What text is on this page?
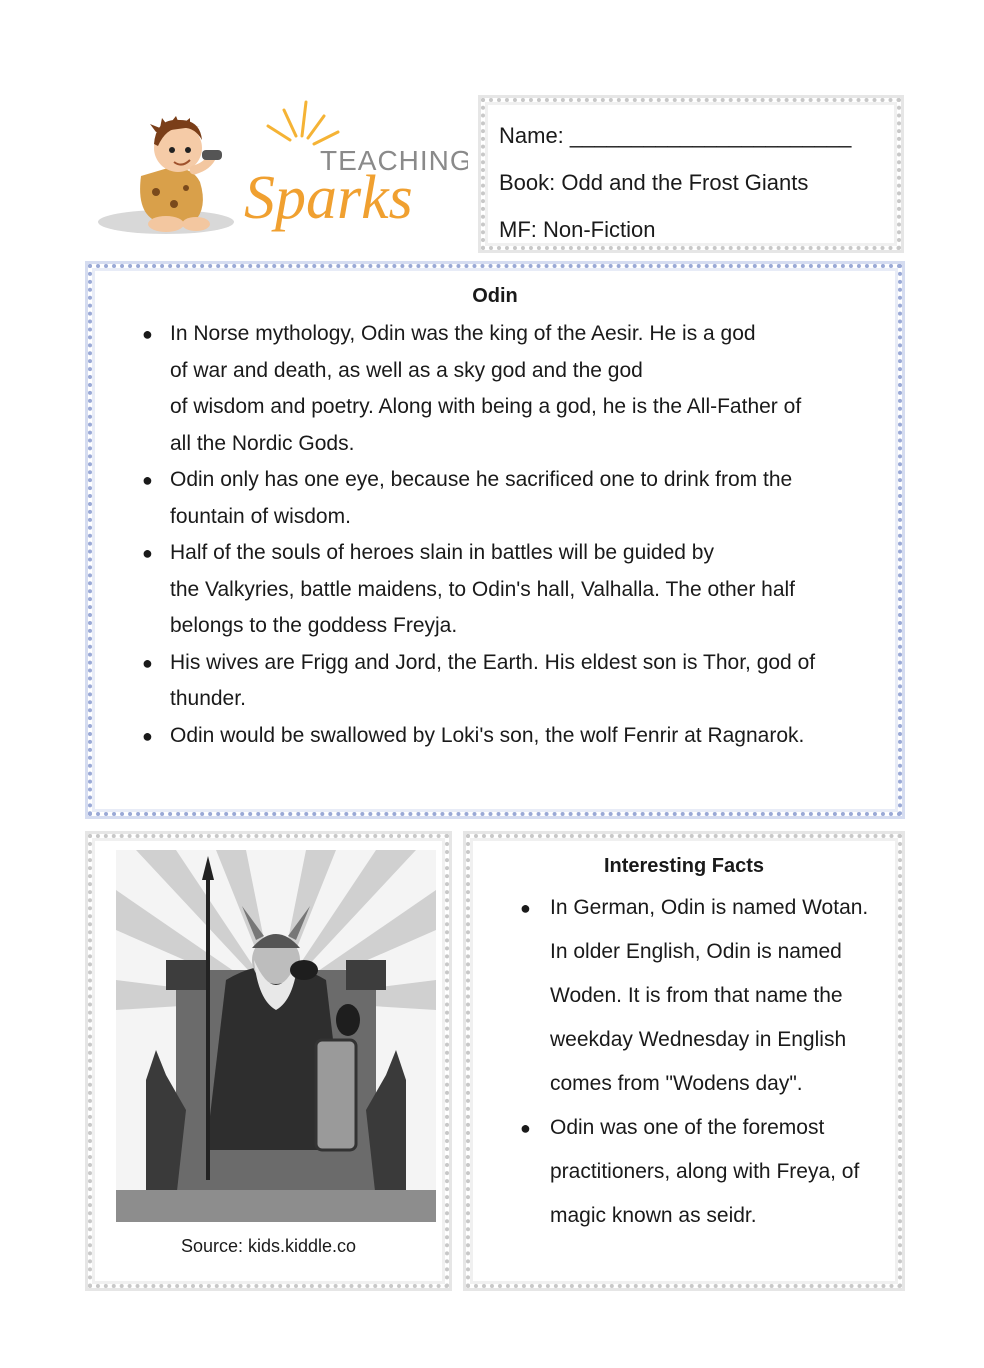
TEACHING
Sparks
Name: _______________________
Book: Odd and the Frost Giants
MF: Non-Fiction
Odin
● In Norse mythology, Odin was the king of the Aesir. He is a god
of war and death, as well as a sky god and the god
of wisdom and poetry. Along with being a god, he is the All-Father of
all the Nordic Gods.
● Odin only has one eye, because he sacrificed one to drink from the
fountain of wisdom.
● Half of the souls of heroes slain in battles will be guided by
the Valkyries, battle maidens, to Odin's hall, Valhalla. The other half
belongs to the goddess Freyja.
● His wives are Frigg and Jord, the Earth. His eldest son is Thor, god of
thunder.
● Odin would be swallowed by Loki's son, the wolf Fenrir at Ragnarok.
Source: kids.kiddle.co
Interesting Facts
● In German, Odin is named Wotan.
In older English, Odin is named
Woden. It is from that name the
weekday Wednesday in English
comes from "Wodens day".
● Odin was one of the foremost
practitioners, along with Freya, of
magic known as seidr.
